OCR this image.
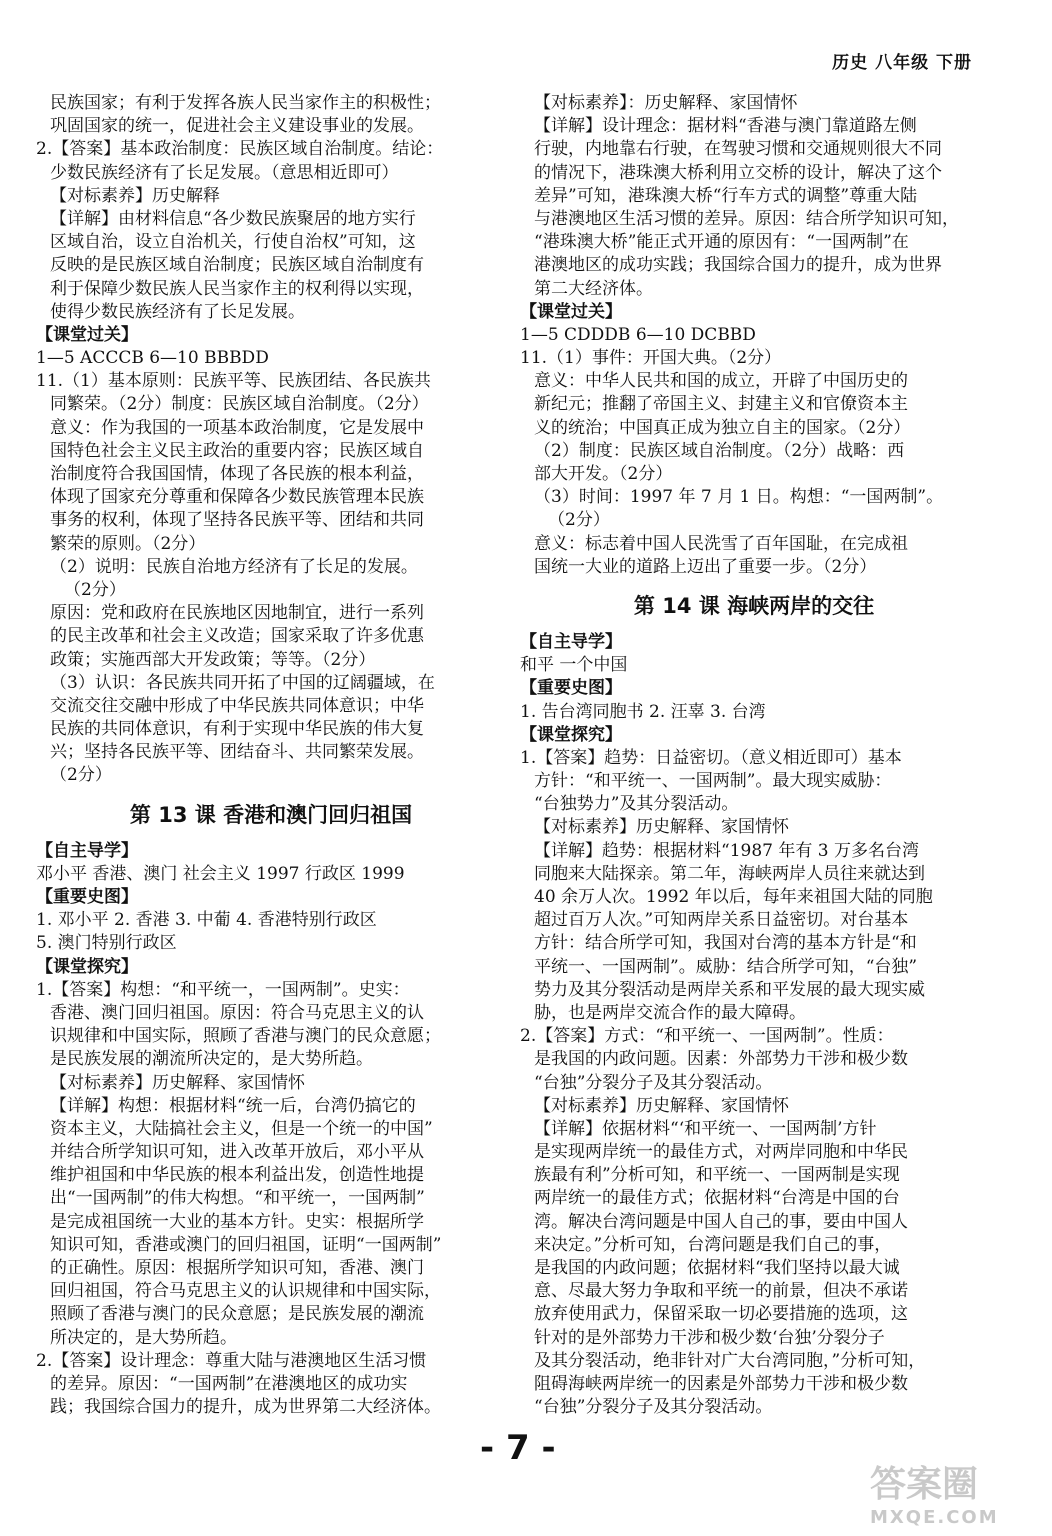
历史 八年级 下册
民族国家；有利于发挥各族人民当家作主的积极性；
巩固国家的统一，促进社会主义建设事业的发展。
2.【答案】基本政治制度：民族区域自治制度。结论：
少数民族经济有了长足发展。（意思相近即可）
【对标素养】历史解释
【详解】由材料信息“各少数民族聚居的地方实行
区域自治，设立自治机关，行使自治权”可知，这
反映的是民族区域自治制度；民族区域自治制度有
利于保障少数民族人民当家作主的权利得以实现，
使得少数民族经济有了长足发展。
【课堂过关】
1—5 ACCCB 6—10 BBBDD
11.（1）基本原则：民族平等、民族团结、各民族共
同繁荣。（2分）制度：民族区域自治制度。（2分）
意义：作为我国的一项基本政治制度，它是发展中
国特色社会主义民主政治的重要内容；民族区域自
治制度符合我国国情，体现了各民族的根本利益，
体现了国家充分尊重和保障各少数民族管理本民族
事务的权利，体现了坚持各民族平等、团结和共同
繁荣的原则。（2分）
（2）说明：民族自治地方经济有了长足的发展。
（2分）
原因：党和政府在民族地区因地制宜，进行一系列
的民主改革和社会主义改造；国家采取了许多优惠
政策；实施西部大开发政策；等等。（2分）
（3）认识：各民族共同开拓了中国的辽阔疆域，在
交流交往交融中形成了中华民族共同体意识；中华
民族的共同体意识，有利于实现中华民族的伟大复
兴；坚持各民族平等、团结奋斗、共同繁荣发展。
（2分）
第 13 课 香港和澳门回归祖国
【自主导学】
邓小平 香港、澳门 社会主义 1997 行政区 1999
【重要史图】
1. 邓小平 2. 香港 3. 中葡 4. 香港特别行政区
5. 澳门特别行政区
【课堂探究】
1.【答案】构想：“和平统一，一国两制”。史实：
香港、澳门回归祖国。原因：符合马克思主义的认
识规律和中国实际，照顾了香港与澳门的民众意愿；
是民族发展的潮流所决定的，是大势所趋。
【对标素养】历史解释、家国情怀
【详解】构想：根据材料“统一后，台湾仍搞它的
资本主义，大陆搞社会主义，但是一个统一的中国”
并结合所学知识可知，进入改革开放后，邓小平从
维护祖国和中华民族的根本利益出发，创造性地提
出“一国两制”的伟大构想。“和平统一，一国两制”
是完成祖国统一大业的基本方针。史实：根据所学
知识可知，香港或澳门的回归祖国，证明“一国两制”
的正确性。原因：根据所学知识可知，香港、澳门
回归祖国，符合马克思主义的认识规律和中国实际，
照顾了香港与澳门的民众意愿；是民族发展的潮流
所决定的，是大势所趋。
2.【答案】设计理念：尊重大陆与港澳地区生活习惯
的差异。原因：“一国两制”在港澳地区的成功实
践；我国综合国力的提升，成为世界第二大经济体。
【对标素养】：历史解释、家国情怀
【详解】设计理念：据材料“香港与澳门靠道路左侧
行驶，内地靠右行驶，在驾驶习惯和交通规则很大不同
的情况下，港珠澳大桥利用立交桥的设计，解决了这个
差异”可知，港珠澳大桥“行车方式的调整”尊重大陆
与港澳地区生活习惯的差异。原因：结合所学知识可知，
“港珠澳大桥”能正式开通的原因有：“一国两制”在
港澳地区的成功实践；我国综合国力的提升，成为世界
第二大经济体。
【课堂过关】
1—5 CDDDB 6—10 DCBBD
11.（1）事件：开国大典。（2分）
意义：中华人民共和国的成立，开辟了中国历史的
新纪元；推翻了帝国主义、封建主义和官僚资本主
义的统治；中国真正成为独立自主的国家。（2分）
（2）制度：民族区域自治制度。（2分）战略：西
部大开发。（2分）
（3）时间：1997 年 7 月 1 日。构想：“一国两制”。
（2分）
意义：标志着中国人民洗雪了百年国耻，在完成祖
国统一大业的道路上迈出了重要一步。（2分）
第 14 课 海峡两岸的交往
【自主导学】
和平 一个中国
【重要史图】
1. 告台湾同胞书 2. 汪辜 3. 台湾
【课堂探究】
1.【答案】趋势：日益密切。（意义相近即可）基本
方针：“和平统一、一国两制”。最大现实威胁：
“台独势力”及其分裂活动。
【对标素养】历史解释、家国情怀
【详解】趋势：根据材料“1987 年有 3 万多名台湾
同胞来大陆探亲。第二年，海峡两岸人员往来就达到
40 余万人次。1992 年以后，每年来祖国大陆的同胞
超过百万人次。”可知两岸关系日益密切。对台基本
方针：结合所学可知，我国对台湾的基本方针是“和
平统一、一国两制”。威胁：结合所学可知，“台独”
势力及其分裂活动是两岸关系和平发展的最大现实威
胁，也是两岸交流合作的最大障碍。
2.【答案】方式：“和平统一、一国两制”。性质：
是我国的内政问题。因素：外部势力干涉和极少数
“台独”分裂分子及其分裂活动。
【对标素养】历史解释、家国情怀
【详解】依据材料“‘和平统一、一国两制’方针
是实现两岸统一的最佳方式，对两岸同胞和中华民
族最有利”分析可知，和平统一、一国两制是实现
两岸统一的最佳方式；依据材料“台湾是中国的台
湾。解决台湾问题是中国人自己的事，要由中国人
来决定。”分析可知，台湾问题是我们自己的事，
是我国的内政问题；依据材料“我们坚持以最大诚
意、尽最大努力争取和平统一的前景，但决不承诺
放弃使用武力，保留采取一切必要措施的选项，这
针对的是外部势力干涉和极少数‘台独’分裂分子
及其分裂活动，绝非针对广大台湾同胞，”分析可知，
阻碍海峡两岸统一的因素是外部势力干涉和极少数
“台独”分裂分子及其分裂活动。
- 7 -
答案圈
MXQE.COM
